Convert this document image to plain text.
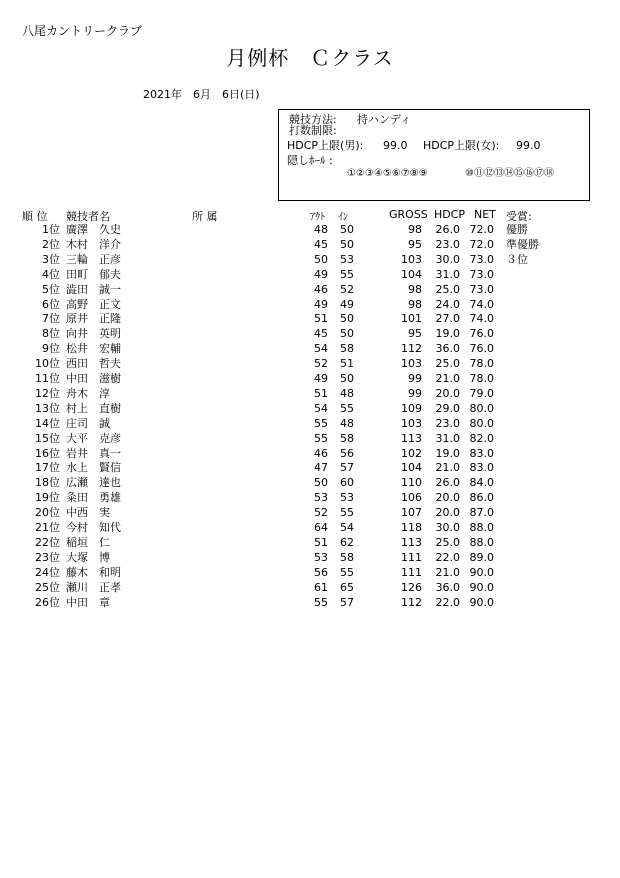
八尾カントリークラブ
月例杯　Ｃクラス
2021年　6月　6日(日)
競技方法: 持ハンディ
打数制限:
HDCP上限(男): 99.0 HDCP上限(女): 99.0
隠しﾎｰﾙ :
①②③④⑤⑥⑦⑧⑨	⑩⑪⑫⑬⑭⑮⑯⑰⑱
順 位 競技者名	所 属	ｱｳﾄ ｲﾝ	GROSS HDCP NET 受賞:
1位 廣澤　久史	48	50	98	26.0 72.0 優勝
2位 木村　洋介	45	50	95	23.0 72.0 準優勝
3位 三輪　正彦	50	53	103	30.0 73.0 ３位
4位 田町　郁夫	49	55	104	31.0 73.0
5位 澁田　誠一	46	52	98	25.0 73.0
6位 高野　正文	49	49	98	24.0 74.0
7位 原井　正隆	51	50	101	27.0 74.0
8位 向井　英明	45	50	95	19.0 76.0
9位 松井　宏輔	54	58	112	36.0 76.0
10位 西田　哲夫	52	51	103	25.0 78.0
11位 中田　滋樹	49	50	99	21.0 78.0
12位 舟木　淳	51	48	99	20.0 79.0
13位 村上　直樹	54	55	109	29.0 80.0
14位 庄司　誠	55	48	103	23.0 80.0
15位 大平　克彦	55	58	113	31.0 82.0
16位 岩井　真一	46	56	102	19.0 83.0
17位 水上　賢信	47	57	104	21.0 83.0
18位 広瀬　達也	50	60	110	26.0 84.0
19位 粂田　勇雄	53	53	106	20.0 86.0
20位 中西　実	52	55	107	20.0 87.0
21位 今村　知代	64	54	118	30.0 88.0
22位 稲垣　仁	51	62	113	25.0 88.0
23位 大塚　博	53	58	111	22.0 89.0
24位 藤木　和明	56	55	111	21.0 90.0
25位 瀬川　正孝	61	65	126	36.0 90.0
26位 中田　章	55	57	112	22.0 90.0
